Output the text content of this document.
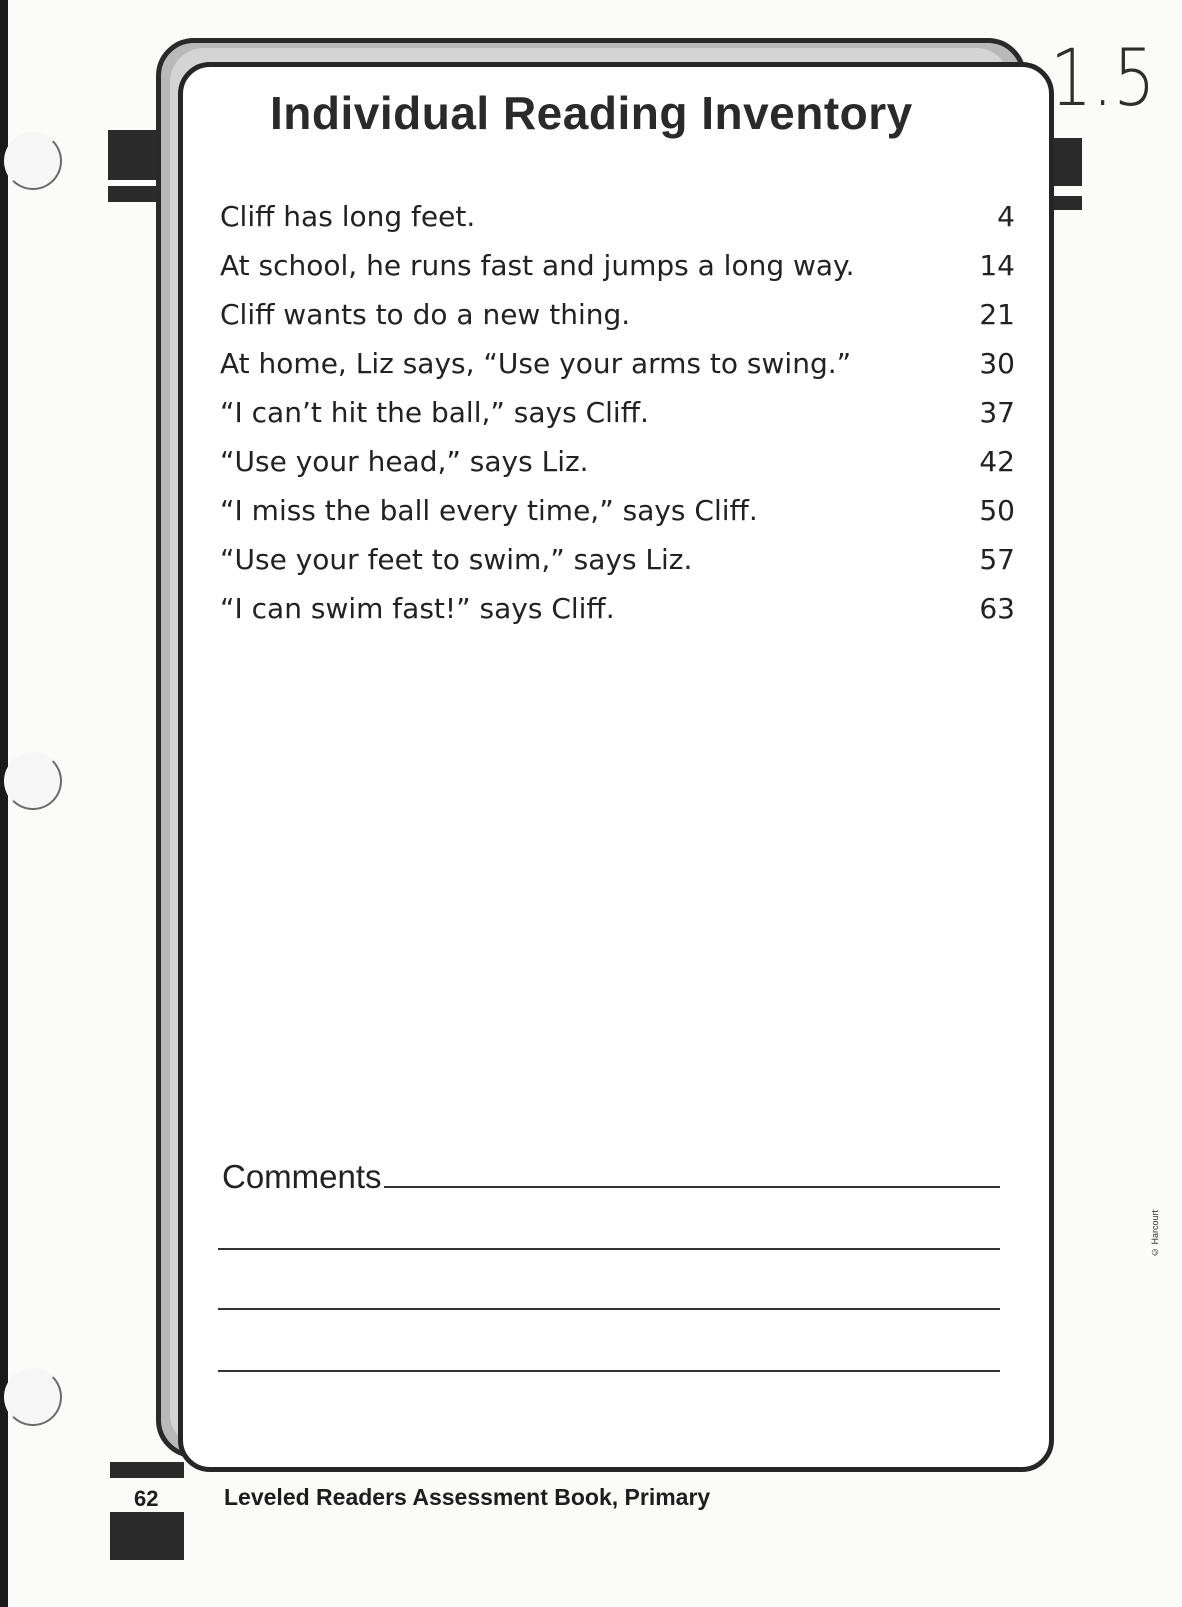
Individual Reading Inventory 1.5
Cliff has long feet.	4
At school, he runs fast and jumps a long way.	14
Cliff wants to do a new thing.	21
At home, Liz says, “Use your arms to swing.”	30
“I can’t hit the ball,” says Cliff.	37
“Use your head,” says Liz.	42
“I miss the ball every time,” says Cliff.	50
“Use your feet to swim,” says Liz.	57
“I can swim fast!” says Cliff.	63
Comments
62	Leveled Readers Assessment Book, Primary
© Harcourt
